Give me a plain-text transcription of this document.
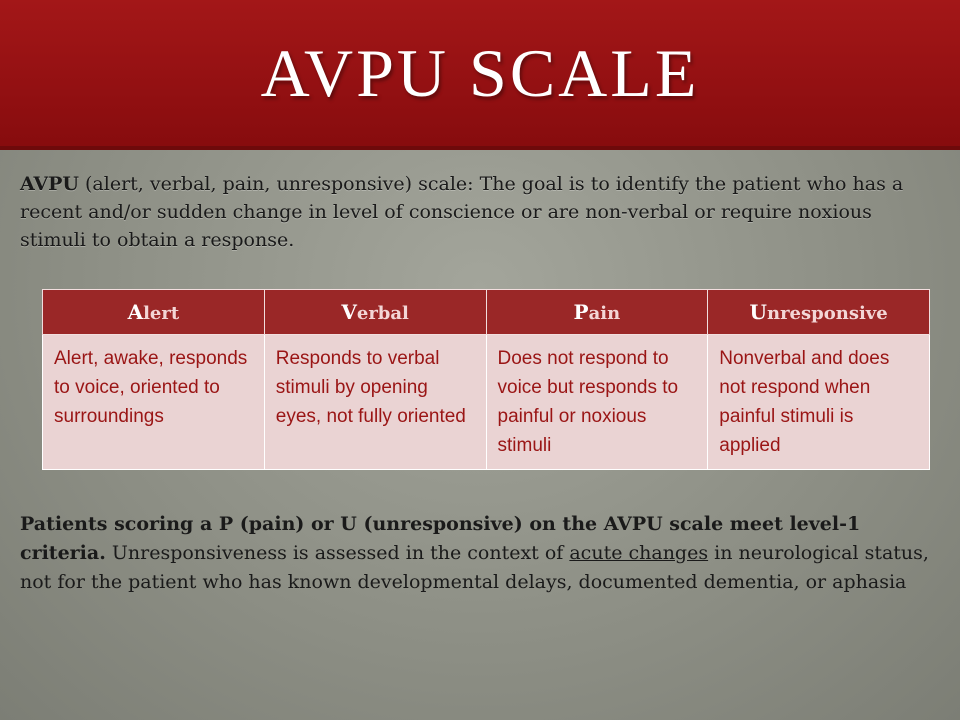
AVPU SCALE
AVPU (alert, verbal, pain, unresponsive) scale: The goal is to identify the patient who has a recent and/or sudden change in level of conscience or are non-verbal or require noxious stimuli to obtain a response.
Alert	Verbal	Pain	Unresponsive
Alert, awake, responds to voice, oriented to surroundings	Responds to verbal stimuli by opening eyes, not fully oriented	Does not respond to voice but responds to painful or noxious stimuli	Nonverbal and does not respond when painful stimuli is applied
Patients scoring a P (pain) or U (unresponsive) on the AVPU scale meet level-1 criteria. Unresponsiveness is assessed in the context of acute changes in neurological status, not for the patient who has known developmental delays, documented dementia, or aphasia
